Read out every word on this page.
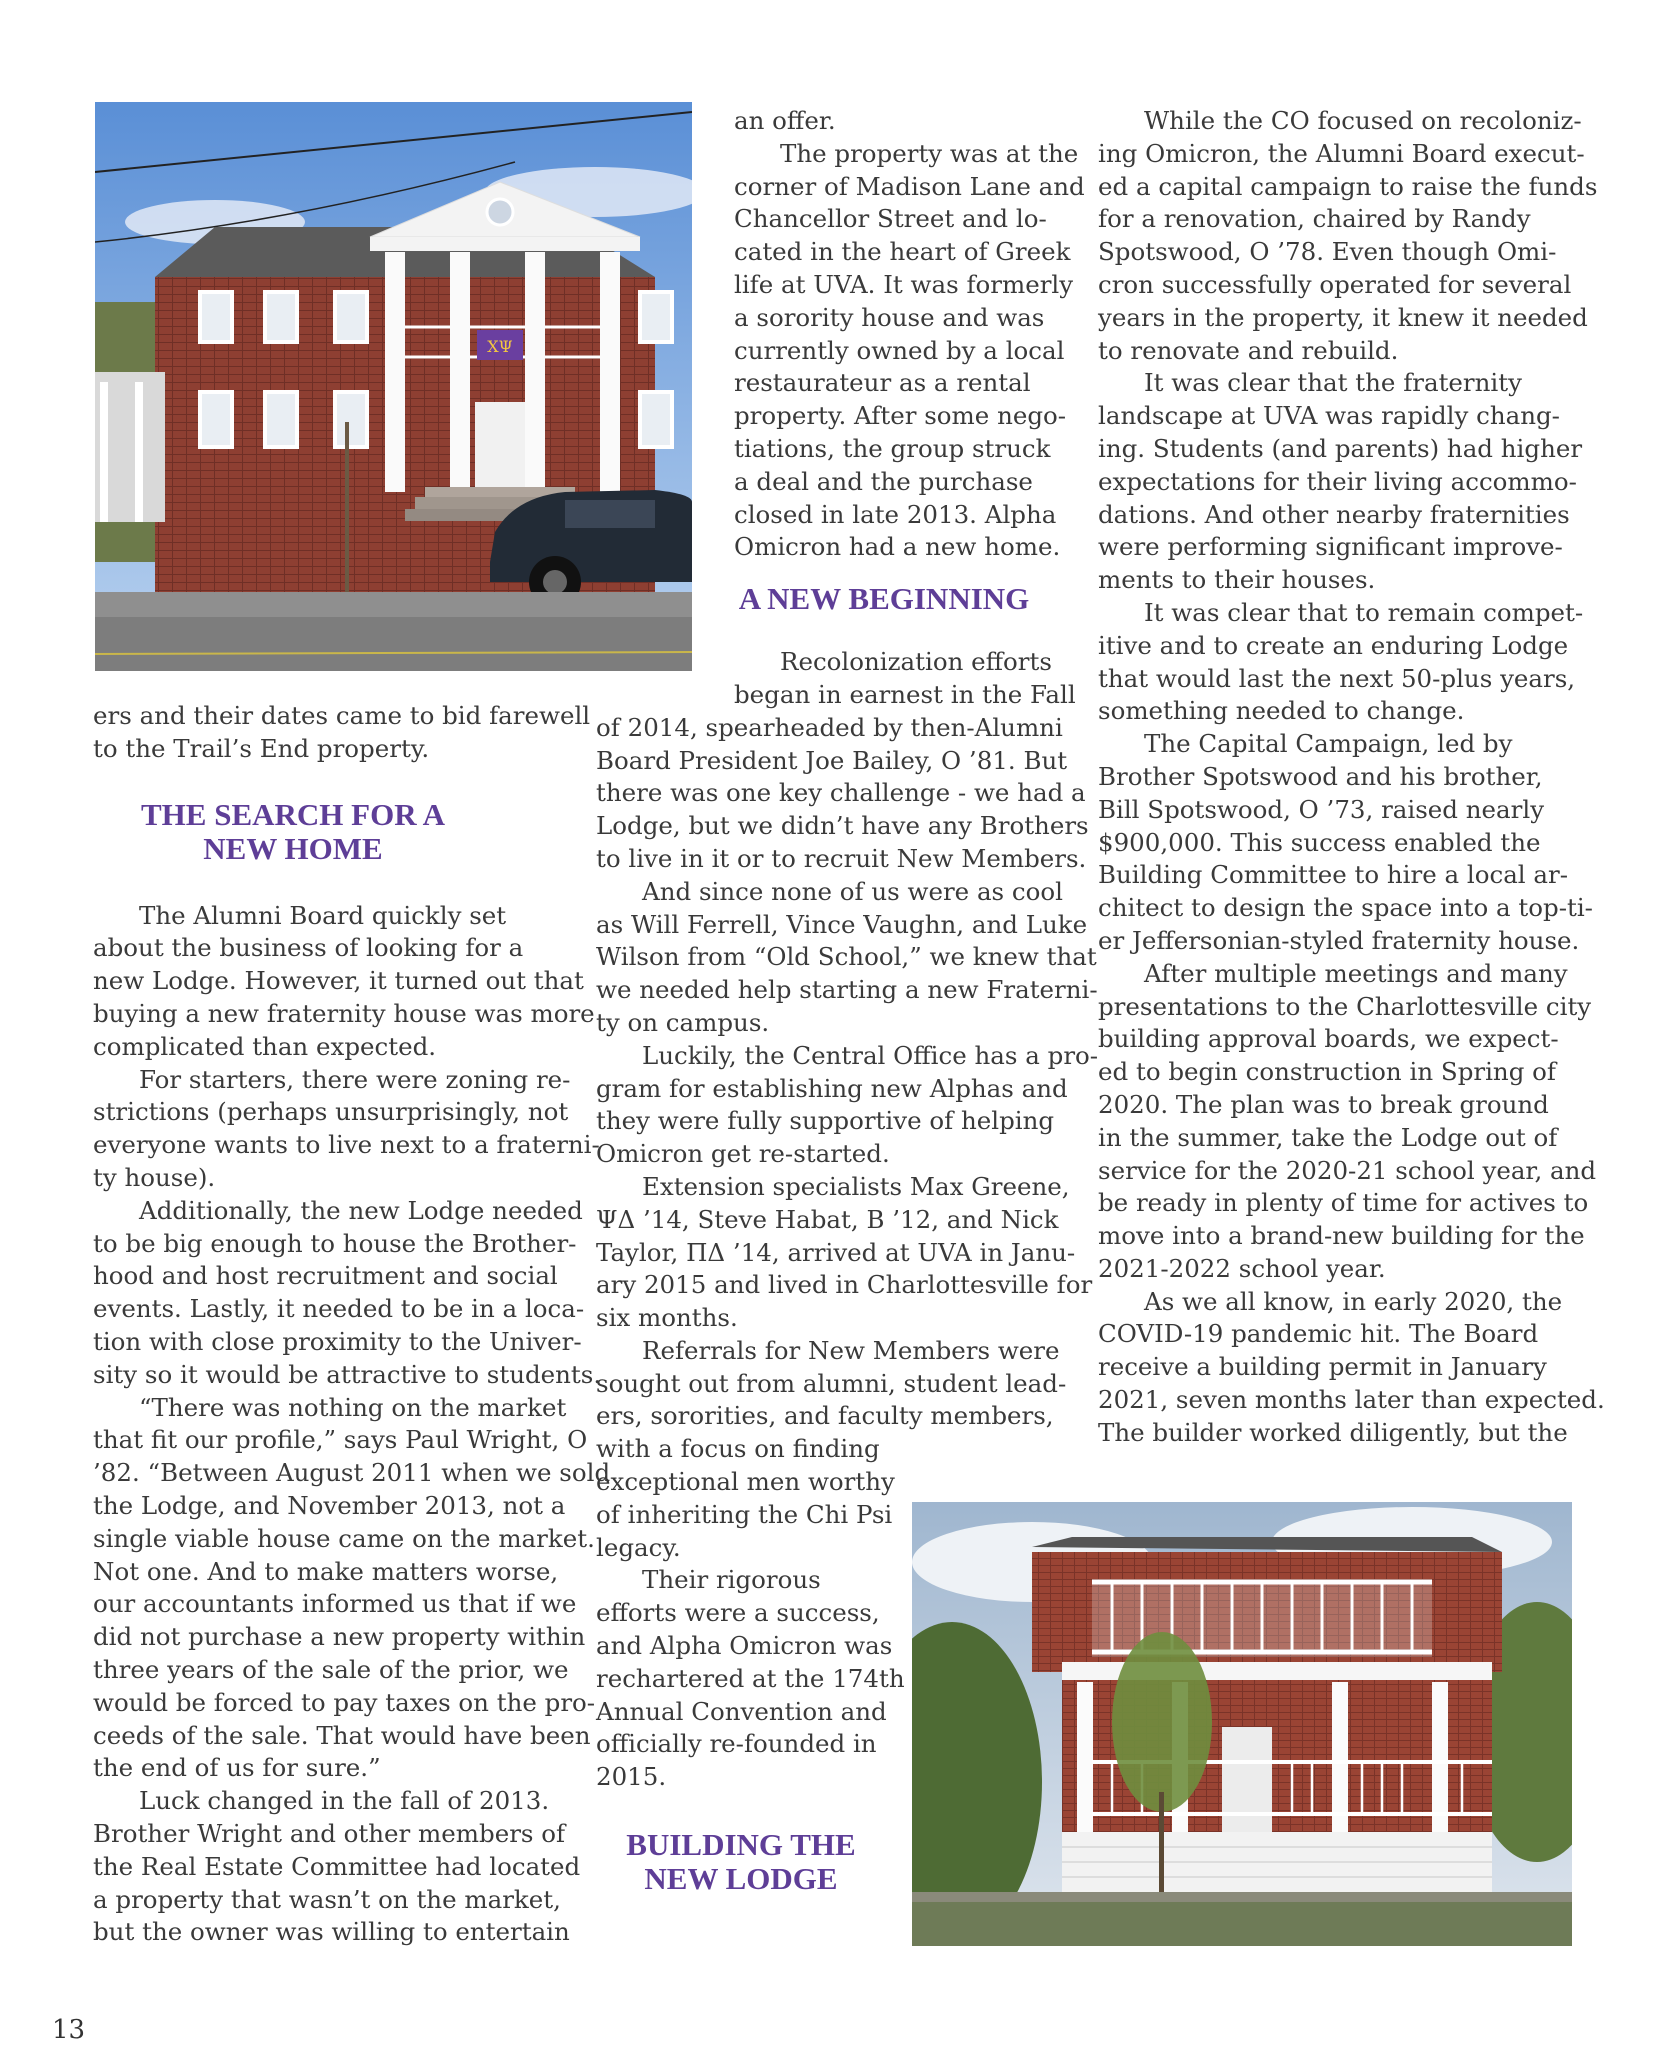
XΨ

ers and their dates came to bid farewell

to the Trail’s End property.

THE SEARCH FOR A

NEW HOME

The Alumni Board quickly set

about the business of looking for a

new Lodge. However, it turned out that

buying a new fraternity house was more

complicated than expected.

For starters, there were zoning re-

strictions (perhaps unsurprisingly, not

everyone wants to live next to a fraterni-

ty house).

Additionally, the new Lodge needed

to be big enough to house the Brother-

hood and host recruitment and social

events. Lastly, it needed to be in a loca-

tion with close proximity to the Univer-

sity so it would be attractive to students.

“There was nothing on the market

that fit our profile,” says Paul Wright, O

’82. “Between August 2011 when we sold

the Lodge, and November 2013, not a

single viable house came on the market.

Not one. And to make matters worse,

our accountants informed us that if we

did not purchase a new property within

three years of the sale of the prior, we

would be forced to pay taxes on the pro-

ceeds of the sale. That would have been

the end of us for sure.”

Luck changed in the fall of 2013.

Brother Wright and other members of

the Real Estate Committee had located

a property that wasn’t on the market,

but the owner was willing to entertain

an offer.

The property was at the

corner of Madison Lane and

Chancellor Street and lo-

cated in the heart of Greek

life at UVA. It was formerly

a sorority house and was

currently owned by a local

restaurateur as a rental

property. After some nego-

tiations, the group struck

a deal and the purchase

closed in late 2013. Alpha

Omicron had a new home.

A NEW BEGINNING

Recolonization efforts

began in earnest in the Fall

of 2014, spearheaded by then-Alumni

Board President Joe Bailey, O ’81. But

there was one key challenge - we had a

Lodge, but we didn’t have any Brothers

to live in it or to recruit New Members.

And since none of us were as cool

as Will Ferrell, Vince Vaughn, and Luke

Wilson from “Old School,” we knew that

we needed help starting a new Fraterni-

ty on campus.

Luckily, the Central Office has a pro-

gram for establishing new Alphas and

they were fully supportive of helping

Omicron get re-started.

Extension specialists Max Greene,

ΨΔ ’14, Steve Habat, B ’12, and Nick

Taylor, ΠΔ ’14, arrived at UVA in Janu-

ary 2015 and lived in Charlottesville for

six months.

Referrals for New Members were

sought out from alumni, student lead-

ers, sororities, and faculty members,

with a focus on finding

exceptional men worthy

of inheriting the Chi Psi

legacy.

Their rigorous

efforts were a success,

and Alpha Omicron was

rechartered at the 174th

Annual Convention and

officially re-founded in

2015.

BUILDING THE

NEW LODGE

While the CO focused on recoloniz-

ing Omicron, the Alumni Board execut-

ed a capital campaign to raise the funds

for a renovation, chaired by Randy

Spotswood, O ’78. Even though Omi-

cron successfully operated for several

years in the property, it knew it needed

to renovate and rebuild.

It was clear that the fraternity

landscape at UVA was rapidly chang-

ing. Students (and parents) had higher

expectations for their living accommo-

dations. And other nearby fraternities

were performing significant improve-

ments to their houses.

It was clear that to remain compet-

itive and to create an enduring Lodge

that would last the next 50-plus years,

something needed to change.

The Capital Campaign, led by

Brother Spotswood and his brother,

Bill Spotswood, O ’73, raised nearly

$900,000. This success enabled the

Building Committee to hire a local ar-

chitect to design the space into a top-ti-

er Jeffersonian-styled fraternity house.

After multiple meetings and many

presentations to the Charlottesville city

building approval boards, we expect-

ed to begin construction in Spring of

2020. The plan was to break ground

in the summer, take the Lodge out of

service for the 2020-21 school year, and

be ready in plenty of time for actives to

move into a brand-new building for the

2021-2022 school year.

As we all know, in early 2020, the

COVID-19 pandemic hit. The Board

receive a building permit in January

2021, seven months later than expected.

The builder worked diligently, but the

13
